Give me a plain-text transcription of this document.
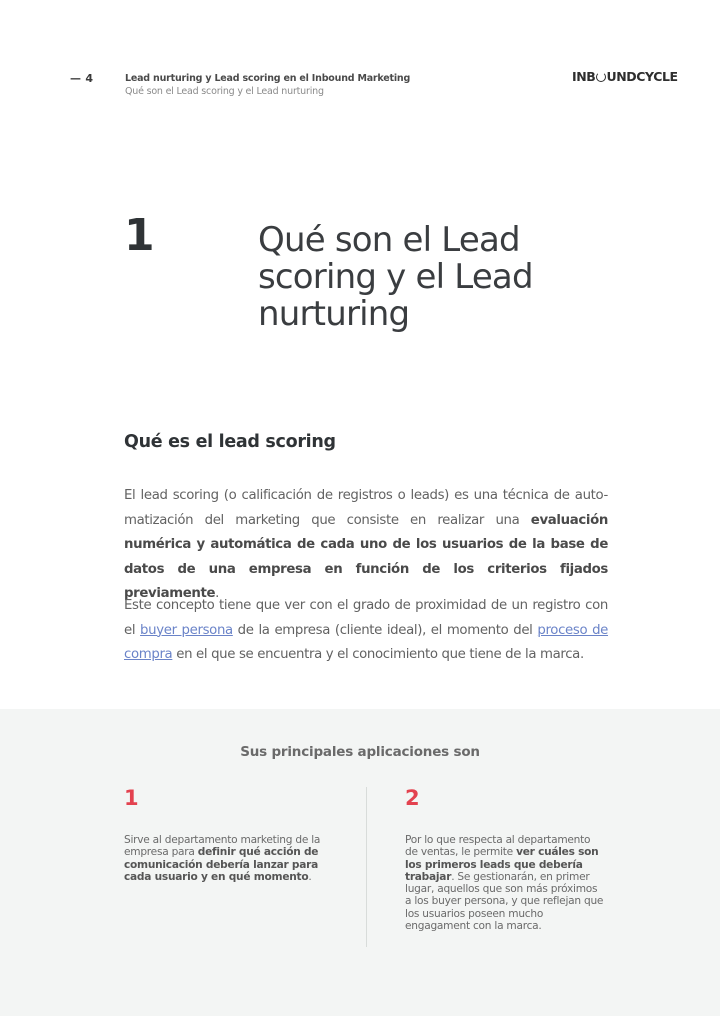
— 4	Lead nurturing y Lead scoring en el Inbound Marketing
Qué son el Lead scoring y el Lead nurturing
INB UNDCYCLE
1	Qué son el Lead scoring y el Lead nurturing
Qué es el lead scoring

El lead scoring (o calificación de registros o leads) es una técnica de auto-matización del marketing que consiste en realizar una evaluación numérica y automática de cada uno de los usuarios de la base de datos de una empresa en función de los criterios fijados previamente.

Este concepto tiene que ver con el grado de proximidad de un registro con el buyer persona de la empresa (cliente ideal), el momento del proceso de compra en el que se encuentra y el conocimiento que tiene de la marca.

Sus principales aplicaciones son
1
Sirve al departamento marketing de la empresa para definir qué acción de comunicación debería lanzar para cada usuario y en qué momento.
2
Por lo que respecta al departamento de ventas, le permite ver cuáles son los primeros leads que debería trabajar. Se gestionarán, en primer lugar, aquellos que son más próximos a los buyer persona, y que reflejan que los usuarios poseen mucho engagament con la marca.
